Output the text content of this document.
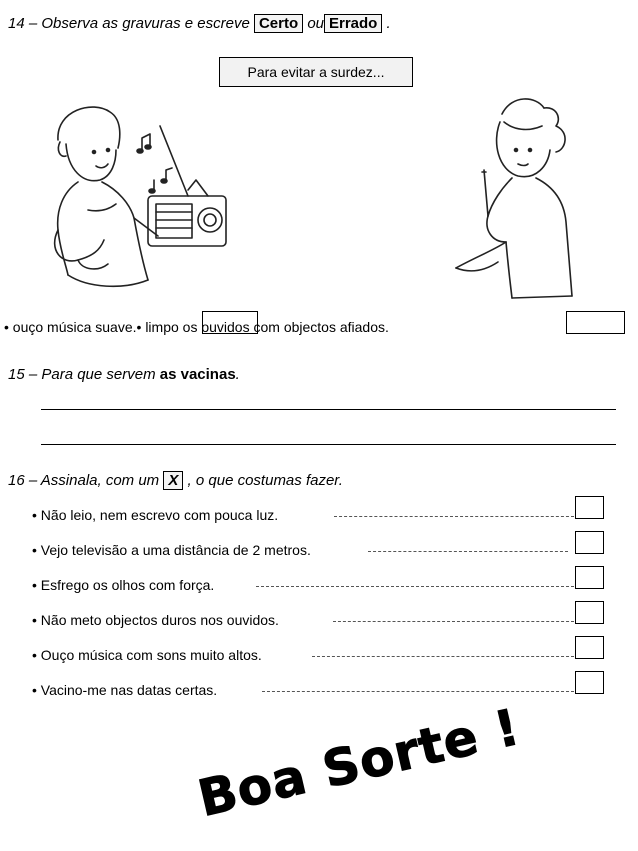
14 – Observa as gravuras e escreve Certo ou Errado .
Para evitar a surdez...
• ouço música suave.• limpo os ouvidos com objectos afiados.
15 – Para que servem as vacinas.
16 – Assinala, com um X , o que costumas fazer.
• Não leio, nem escrevo com pouca luz.
• Vejo televisão a uma distância de 2 metros.
• Esfrego os olhos com força.
• Não meto objectos duros nos ouvidos.
• Ouço música com sons muito altos.
• Vacino-me nas datas certas.
Boa Sorte !
